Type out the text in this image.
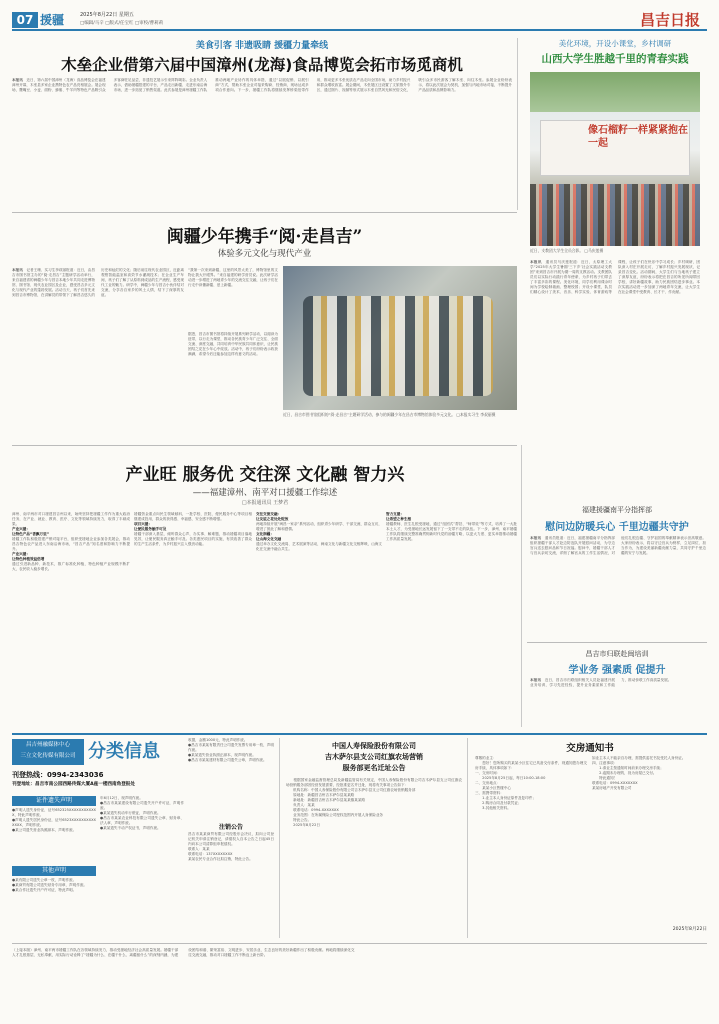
07 援疆	2025年8月22日 星期五
□编辑/马辛 □版式/任宝红 □审校/曹莉莉	昌吉日报
美食引客 非遗吸睛 援疆力量牵线
木垒企业借第六届中国漳州(龙海)食品博览会拓市场觅商机
本报讯　近日，第六届中国漳州（龙海）食品博览会在福建漳州开幕，木垒县多家企业携特色农产品亮相展会。展会现场，鹰嘴豆、小麦、面粉、蜂蜜、牛羊肉等特色产品吸引众多客商驻足品尝，非遗技艺展示引来阵阵喝彩。企业负责人表示，借助援疆搭建的平台，产品走出新疆、走进东南沿海市场，进一步拓宽了销售渠道。此次参展是漳州援疆工作队推动两地产业协作的具体举措，通过“以展促销、以展引商”方式，帮助木垒企业对接采购商、经销商，现场达成多项合作意向。下一步，援疆工作队将继续发挥桥梁纽带作用，推动更多木垒优质农产品走向全国市场，助力乡村振兴和群众增收致富。展会期间，木垒展区还设置了文旅推介专区，通过图片、视频等形式展示木垒自然风光和民俗文化，吸引众多市民游客了解木垒、向往木垒。参展企业纷纷表示，将以此次展会为契机，加强与内地市场对接，不断提升产品品质和品牌影响力。
美化环境，开设小课堂，乡村调研
山西大学生胜越千里的青春实践
像石榴籽一样紧紧抱在一起
近日，支教团大学生全员合影。 □马庆莲摄
本报讯　通讯员马庆莲报道：近日，太原理工大学“2025年大学生暑期‘三下乡’社会实践活动支教团”来到昌吉市开展为期一周的支教活动。支教团队员们以实际行动践行青年使命，为乡村孩子们带去了丰富多彩的课程。美化环境，同学们利用课余时间为学校绘制墙画、整理校园；开设小课堂，队员们精心设计了美术、音乐、科学实验、体育游戏等课程，让孩子们在快乐中学习成长；乡村调研，团队深入村庄开展走访，了解乡村振兴发展现状，记录昌吉变化。活动期间，大学生们与当地孩子建立了深厚友谊，纷纷表示将把在昌吉的所见所闻带回学校，讲好新疆故事，助力民族团结进步事业。本次实践活动进一步加深了两地青年交流，让大学生在社会课堂中受教育、长才干、作贡献。
闽疆少年携手“阅·走昌吉”
体验多元文化与现代产业
本报讯　记者王珊、实习生李叔丽报道：近日，由昌吉市图书馆主办的“阅·走昌吉”主题研学活动举行，来自福建省的闽疆少年与昌吉本地少年共同走进博物馆、图书馆、现代农业园区及企业，感受昌吉多元文化与现代产业的蓬勃发展。活动当天，孩子们首先来到昌吉市博物馆，在讲解员的带领下了解昌吉悠久的历史和灿烂的文化；随后前往现代农业园区，近距离观察智能温室和高效节水灌溉技术；在企业生产车间，孩子们了解了从原料到成品的生产流程，感受现代工业的魅力。研学中，闽疆少年与昌吉小伙伴结对交流，分享各自家乡的风土人情，结下了深厚的友谊。
“我第一次来到新疆，这里的风景太美了，博物馆里的文物让我大开眼界。”来自福建的研学营员说。此次研学活动进一步增进了两地青少年的交流交往交融，让孩子们在行走中读懂新疆、爱上新疆。
近日，昌吉市图书馆组织的“阅·走昌吉”主题研学活动，参与的闽疆少年在昌吉市博物馆体验多元文化。 □本报实习生 李叔丽摄
据悉，昌吉市图书馆将持续开展系列研学活动，以阅读为纽带，以行走为课堂，推动各民族青少年广泛交往、全面交流、深度交融，共同培育中华民族共同体意识，让民族团结之花在少年心中绽放。活动中，孩子们纷纷表示收获满满，希望今后还能参加这样有意义的活动。
产业旺 服务优 交往深 文化融 智力兴
——福建漳州、南平对口援疆工作综述
□本报通讯员 王梦君
漳州、南平两市对口援建昌吉州以来，始终坚持把援疆工作作为重大政治任务，在产业、就业、教育、医疗、文化等领域持续发力，取得了丰硕成果。
产业兴援：
让特色产品“香飘万里”
援疆工作队积极搭建产销对接平台，组织受援地企业参加各类展会，推动昌吉特色农产品进入东南沿海市场，“昌吉产品”知名度和影响力不断提升。
产业兴援：
让特色种植效益倍增
通过引进新品种、新技术，推广标准化种植，特色种植产业规模不断扩大，农民收入稳步增长。
援疆资金重点向民生领域倾斜，一批学校、医院、便民服务中心等项目相继建成投用，群众的获得感、幸福感、安全感不断增强。
项目兴援：
让便民服务触手可及
援疆干部深入基层，倾听群众心声，办实事、解难题，推动援疆项目落地见效，让便民服务真正触手可及。各类惠民项目的实施，有效改善了群众的生产生活条件，为乡村振兴注入强劲动能。
交往交流交融：
让友谊之花处处绽放
两地持续开展“闽昌一家亲”系列活动，组织青少年研学、干部交流、群众互访，增进了彼此了解和感情。
文化润疆：
让山海文化交融
通过举办文化交流周、艺术展演等活动，闽南文化与新疆文化交相辉映，山海文化在交流中融合共生。
智力支援：
让希望之种生根
援疆教师、医生扎根受援地，通过“组团式”帮扶、“师带徒”等方式，培养了一大批本土人才，为受援地长远发展留下了一支带不走的队伍。下一步，漳州、南平援疆工作队将继续完整准确贯彻新时代党的治疆方略，以更大力度、更实举措推动援疆工作高质量发展。
福建援疆南平分指挥部
慰问边防暖兵心 千里边疆共守护
本报讯　通讯员报道：近日，福建援疆南平分指挥部组织援疆干部人才赴边防连队开展慰问活动，为守边官兵送去慰问品和节日祝福。慰问中，援疆干部人才与官兵亲切交流，详细了解官兵的工作生活情况，对他们扎根边疆、守护祖国的奉献精神表示崇高敬意。大家纷纷表示，将以守边官兵为榜样，立足岗位、担当作为，为建设美丽新疆贡献力量，共同守护千里边疆的安宁与发展。
昌吉市归联赴闽培训
学业务 强素质 促提升
本报讯　近日，昌吉市归联组织相关人员赴福建开展业务培训，学习先进经验，提升业务素质和工作能力，推动侨联工作高质量发展。
昌吉州融媒体中心
三立文化传媒有限公司 分类信息
刊登热线：0994-2343036
刊登地址：昌吉市南公园西路传媒大厦A座一楼西南角登报处
证件遗失声明
●声明人遗失身份证，证号652325XXXXXXXXXXXX，特此声明作废。
●声明人遗失居民身份证，证号6523XXXXXXXXXXXXXX，声明作废。
●某公司遗失营业执照副本，声明作废。
其他声明
●某有限公司遗失公章一枚，声明作废。
●某商贸有限公司遗失财务专用章，声明作废。
●某合作社遗失开户许可证，特此声明。
年6月12日，现声明作废。
●昌吉市某某建设有限公司遗失开户许可证，声明作废。
●某某遗失机动车行驶证，声明作废。
●昌吉市某某农业科技有限公司遗失公章、财务章、法人章，声明作废。
●某某遗失不动产权证书，声明作废。
收据，金额1000元，特此声明作废。
●昌吉市某某有限责任公司遗失发票专用章一枚，声明作废。
●某某遗失营业执照正副本，现声明作废。
●昌吉市某某建材有限公司遗失公章，声明作废。
注销公告
昌吉市某某商贸有限公司经股东会决议，拟向公司登记机关申请注销登记，请债权人自本公告之日起45日内向本公司清算组申报债权。
联系人：某某
联系电话：137XXXXXXXX
某某农民专业合作社拟注销，特此公告。
中国人寿保险股份有限公司
吉木萨尔县支公司红旗农场营销
服务部更名迁址公告
　　根据国家金融监督管理总局及新疆监管局有关规定，中国人寿保险股份有限公司吉木萨尔县支公司红旗农场营销服务部因经营发展需要，经批准更名并迁址，现将有关事项公告如下：
　　机构名称：中国人寿保险股份有限公司吉木萨尔县支公司红旗农场营销服务部
　　原地址：新疆昌吉州吉木萨尔县某某路
　　新地址：新疆昌吉州吉木萨尔县某某镇某某路
　　负责人：某某
　　联系电话：0994-XXXXXXX
　　业务范围：在所属保险公司授权范围内开展人身保险业务
　　特此公告。
　　2025年8月22日
交房通知书
尊敬的业主：
　　您好！您所购买的某某小区住宅已具备交付条件，现通知您办理交房手续，具体事项如下：
一、交房时间：
　　2025年8月25日起，每日10:00-18:00
二、交房地点：
　　某某小区售楼中心
三、需携带资料：
　　1.业主本人身份证原件及复印件；
　　2.购房合同及付款凭证；
　　3.其他相关资料。
如业主本人不能亲自办理，需提供委托书及受托人身份证。
四、注意事项：
　　1.请业主按通知时间前来办理交房手续；
　　2.逾期未办理的，视为房屋已交付。
　　特此通知！
联系电话：0994-XXXXXXX
某某房地产开发有限公司
2025年8月22日
（上接本版）漳州、南平两市援疆工作队在各领域持续发力，推动受援地经济社会高质量发展。援疆干部人才扎根基层、无私奉献，用实际行动诠释了“援疆为什么、在疆干什么、离疆留什么”的深刻内涵，为建设团结和谐、繁荣富裕、文明进步、安居乐业、生态良好的美好新疆作出了积极贡献。两地将继续深化交往交流交融，推动对口援疆工作不断迈上新台阶。
